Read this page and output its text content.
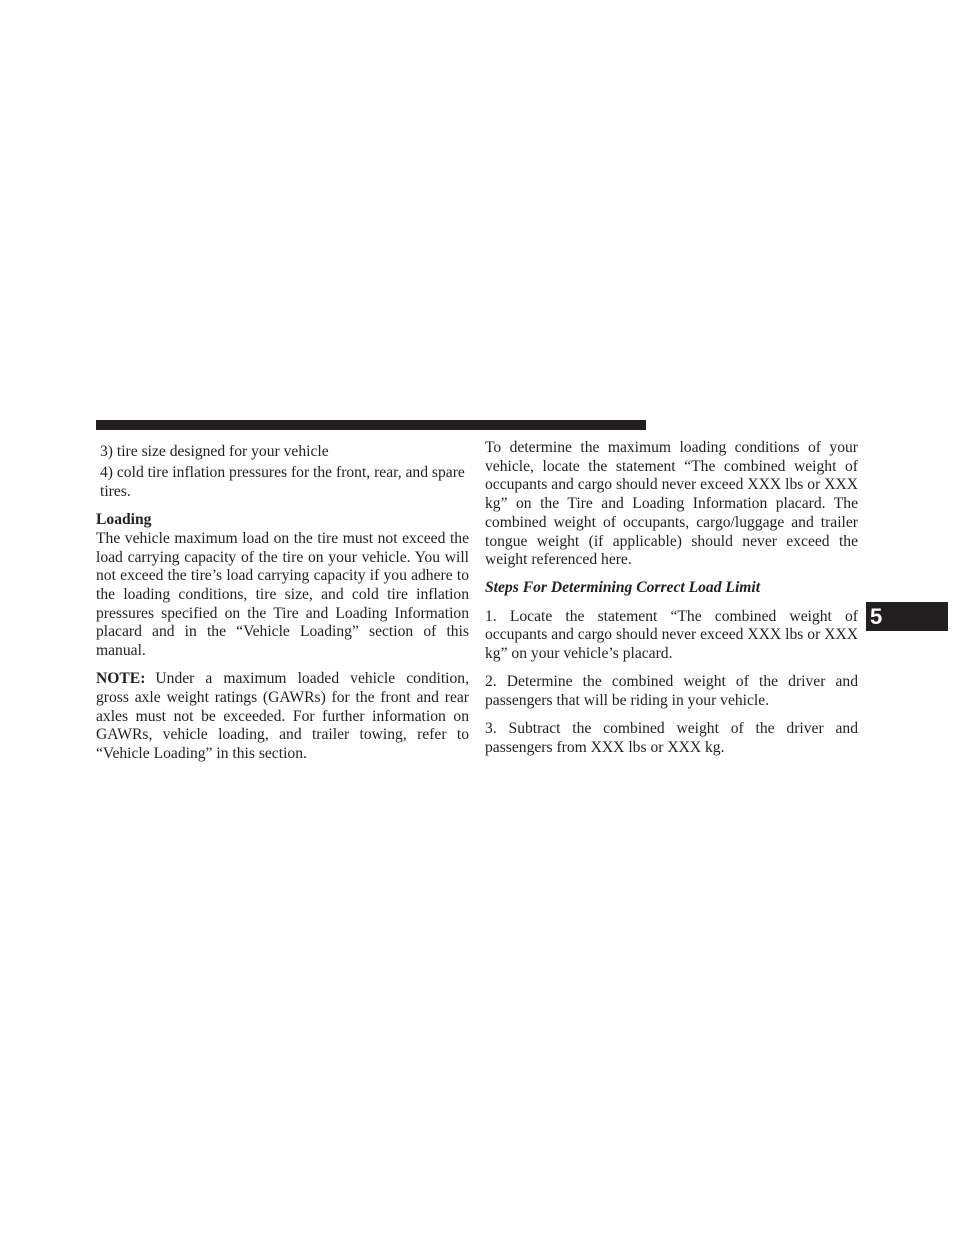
3) tire size designed for your vehicle

4) cold tire inflation pressures for the front, rear, and spare tires.

Loading

The vehicle maximum load on the tire must not exceed the load carrying capacity of the tire on your vehicle. You will not exceed the tire’s load carrying capacity if you adhere to the loading conditions, tire size, and cold tire inflation pressures specified on the Tire and Loading Information placard and in the “Vehicle Loading” section of this manual.

NOTE: Under a maximum loaded vehicle condition, gross axle weight ratings (GAWRs) for the front and rear axles must not be exceeded. For further information on GAWRs, vehicle loading, and trailer towing, refer to “Vehicle Loading” in this section.

To determine the maximum loading conditions of your vehicle, locate the statement “The combined weight of occupants and cargo should never exceed XXX lbs or XXX kg” on the Tire and Loading Information placard. The combined weight of occupants, cargo/luggage and trailer tongue weight (if applicable) should never exceed the weight referenced here.

Steps For Determining Correct Load Limit

1. Locate the statement “The combined weight of occupants and cargo should never exceed XXX lbs or XXX kg” on your vehicle’s placard.

2. Determine the combined weight of the driver and passengers that will be riding in your vehicle.

3. Subtract the combined weight of the driver and passengers from XXX lbs or XXX kg.

5
